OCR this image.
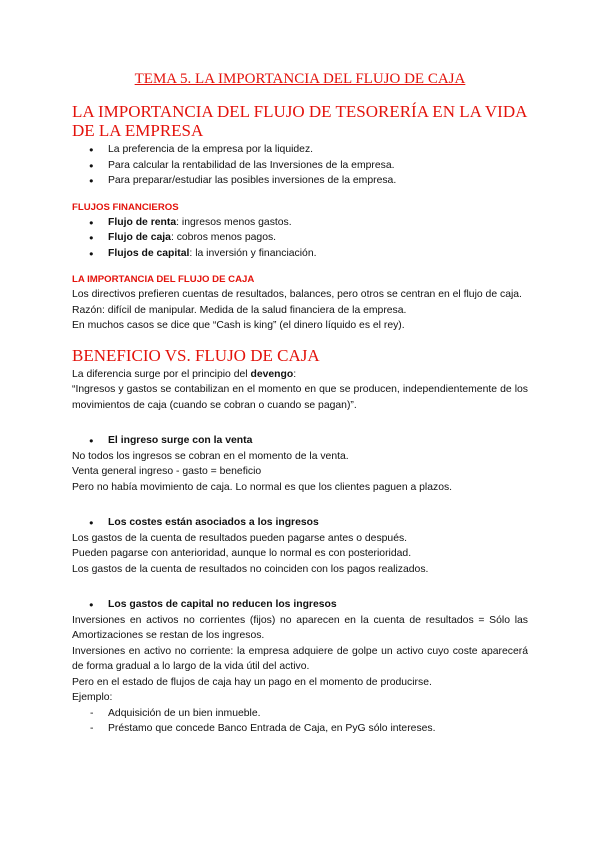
TEMA 5. LA IMPORTANCIA DEL FLUJO DE CAJA
LA IMPORTANCIA DEL FLUJO DE TESORERÍA EN LA VIDA DE LA EMPRESA
● La preferencia de la empresa por la liquidez.
● Para calcular la rentabilidad de las Inversiones de la empresa.
● Para preparar/estudiar las posibles inversiones de la empresa.
FLUJOS FINANCIEROS
● Flujo de renta: ingresos menos gastos.
● Flujo de caja: cobros menos pagos.
● Flujos de capital: la inversión y financiación.
LA IMPORTANCIA DEL FLUJO DE CAJA

Los directivos prefieren cuentas de resultados, balances, pero otros se centran en el flujo de caja.

Razón: difícil de manipular. Medida de la salud financiera de la empresa.

En muchos casos se dice que “Cash is king” (el dinero líquido es el rey).

BENEFICIO VS. FLUJO DE CAJA

La diferencia surge por el principio del devengo:

“Ingresos y gastos se contabilizan en el momento en que se producen, independientemente de los movimientos de caja (cuando se cobran o cuando se pagan)”.

● El ingreso surge con la venta

No todos los ingresos se cobran en el momento de la venta.

Venta general ingreso - gasto = beneficio

Pero no había movimiento de caja. Lo normal es que los clientes paguen a plazos.

● Los costes están asociados a los ingresos

Los gastos de la cuenta de resultados pueden pagarse antes o después.

Pueden pagarse con anterioridad, aunque lo normal es con posterioridad.

Los gastos de la cuenta de resultados no coinciden con los pagos realizados.

● Los gastos de capital no reducen los ingresos

Inversiones en activos no corrientes (fijos) no aparecen en la cuenta de resultados = Sólo las Amortizaciones se restan de los ingresos.

Inversiones en activo no corriente: la empresa adquiere de golpe un activo cuyo coste aparecerá de forma gradual a lo largo de la vida útil del activo.

Pero en el estado de flujos de caja hay un pago en el momento de producirse.

Ejemplo:

- Adquisición de un bien inmueble.
- Préstamo que concede Banco Entrada de Caja, en PyG sólo intereses.
